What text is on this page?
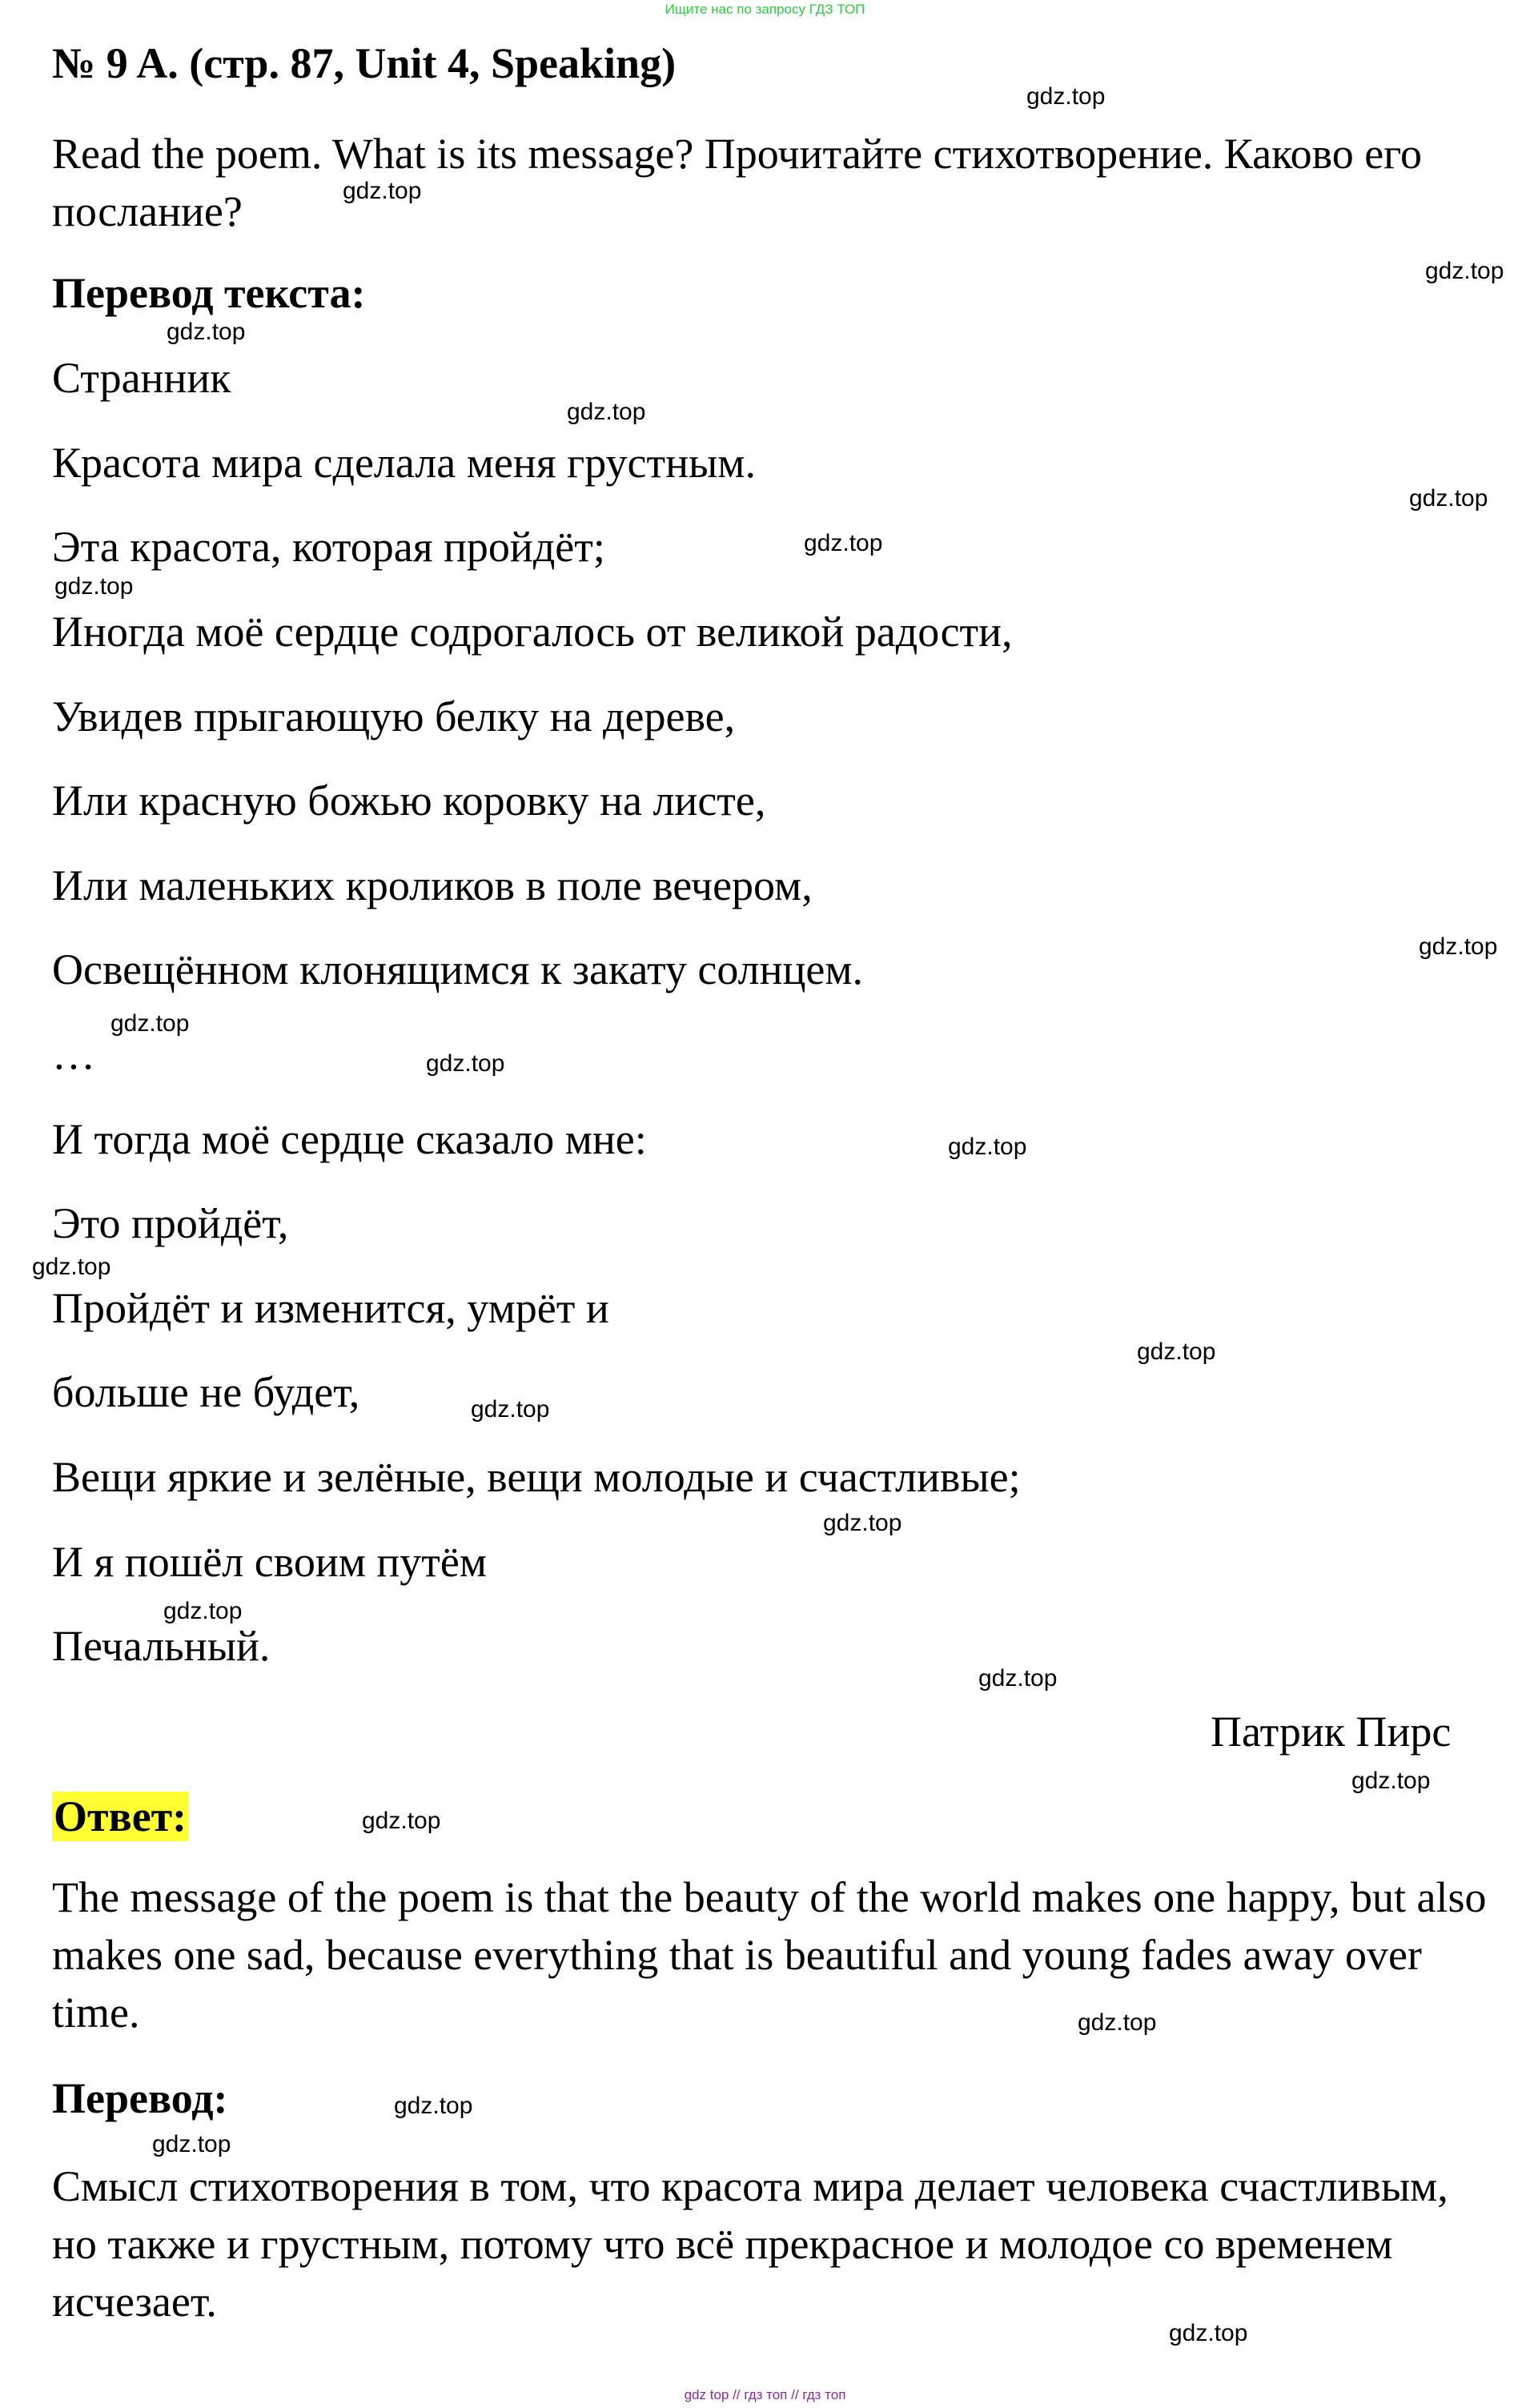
Ищите нас по запросу ГДЗ ТОП
№ 9 A. (стр. 87, Unit 4, Speaking)
Read the poem. What is its message? Прочитайте стихотворение. Каково его послание?
Перевод текста:
Странник
Красота мира сделала меня грустным.
Эта красота, которая пройдёт;
Иногда моё сердце содрогалось от великой радости,
Увидев прыгающую белку на дереве,
Или красную божью коровку на листе,
Или маленьких кроликов в поле вечером,
Освещённом клонящимся к закату солнцем.
…
И тогда моё сердце сказало мне:
Это пройдёт,
Пройдёт и изменится, умрёт и
больше не будет,
Вещи яркие и зелёные, вещи молодые и счастливые;
И я пошёл своим путём
Печальный.
Патрик Пирс
Ответ:
The message of the poem is that the beauty of the world makes one happy, but also makes one sad, because everything that is beautiful and young fades away over time.
Перевод:
Смысл стихотворения в том, что красота мира делает человека счастливым, но также и грустным, потому что всё прекрасное и молодое со временем исчезает.
gdz.top
gdz.top
gdz.top
gdz.top
gdz.top
gdz.top
gdz.top
gdz.top
gdz.top
gdz.top
gdz.top
gdz.top
gdz.top
gdz.top
gdz.top
gdz.top
gdz.top
gdz.top
gdz.top
gdz.top
gdz.top
gdz.top
gdz.top
gdz.top
gdz top // гдз топ // гдз топ
